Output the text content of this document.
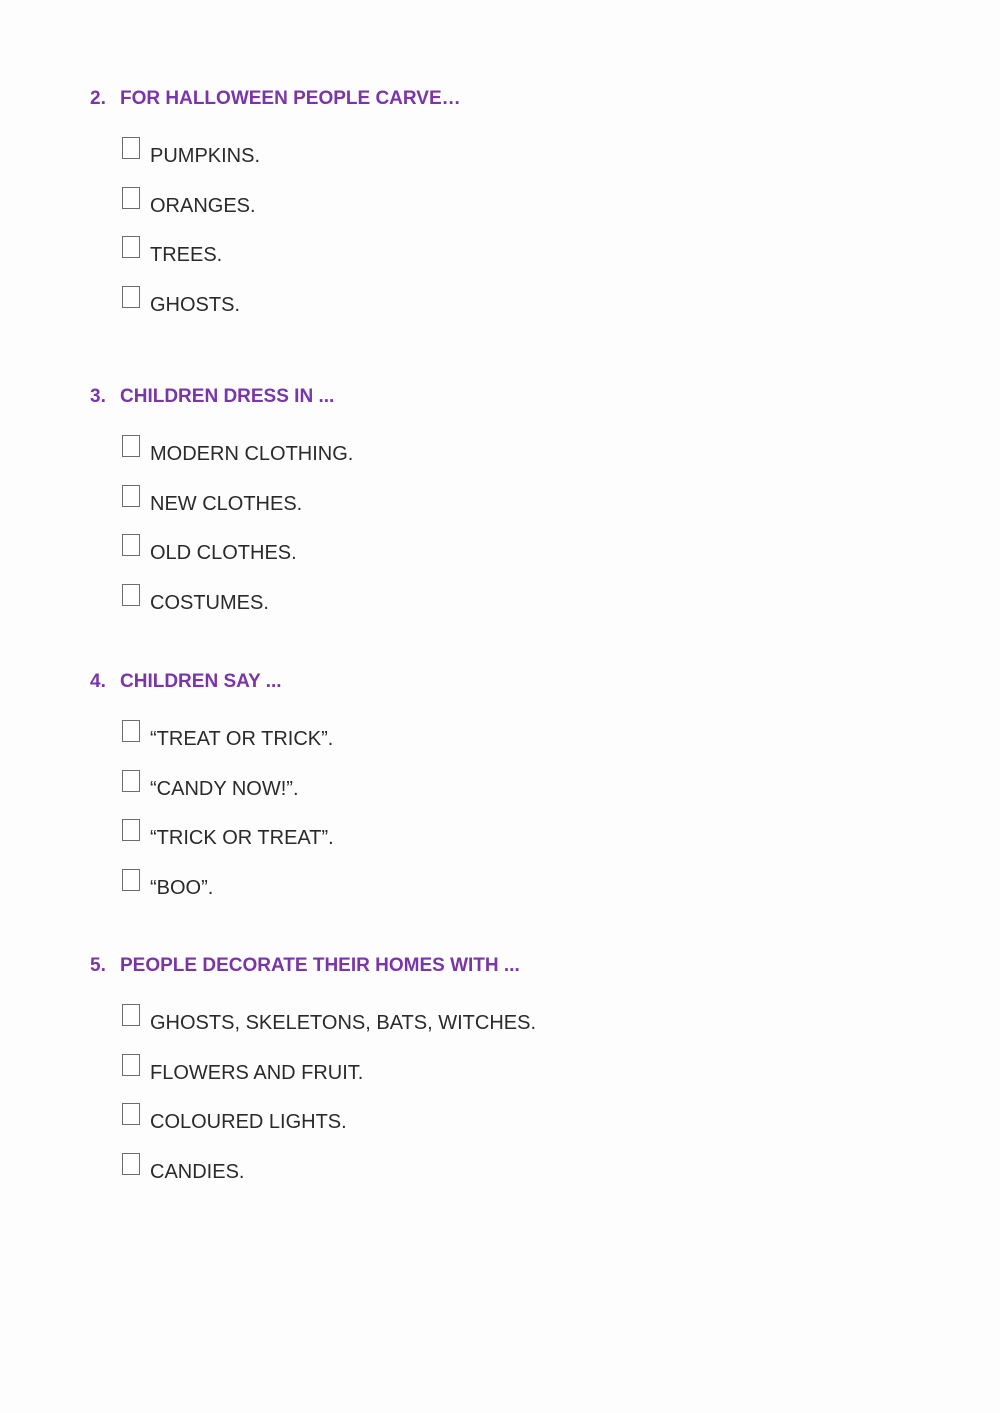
2. FOR HALLOWEEN PEOPLE CARVE…
PUMPKINS.
ORANGES.
TREES.
GHOSTS.
3. CHILDREN DRESS IN ...
MODERN CLOTHING.
NEW CLOTHES.
OLD CLOTHES.
COSTUMES.
4. CHILDREN SAY ...
“TREAT OR TRICK”.
“CANDY NOW!”.
“TRICK OR TREAT”.
“BOO”.
5. PEOPLE DECORATE THEIR HOMES WITH ...
GHOSTS, SKELETONS, BATS, WITCHES.
FLOWERS AND FRUIT.
COLOURED LIGHTS.
CANDIES.
